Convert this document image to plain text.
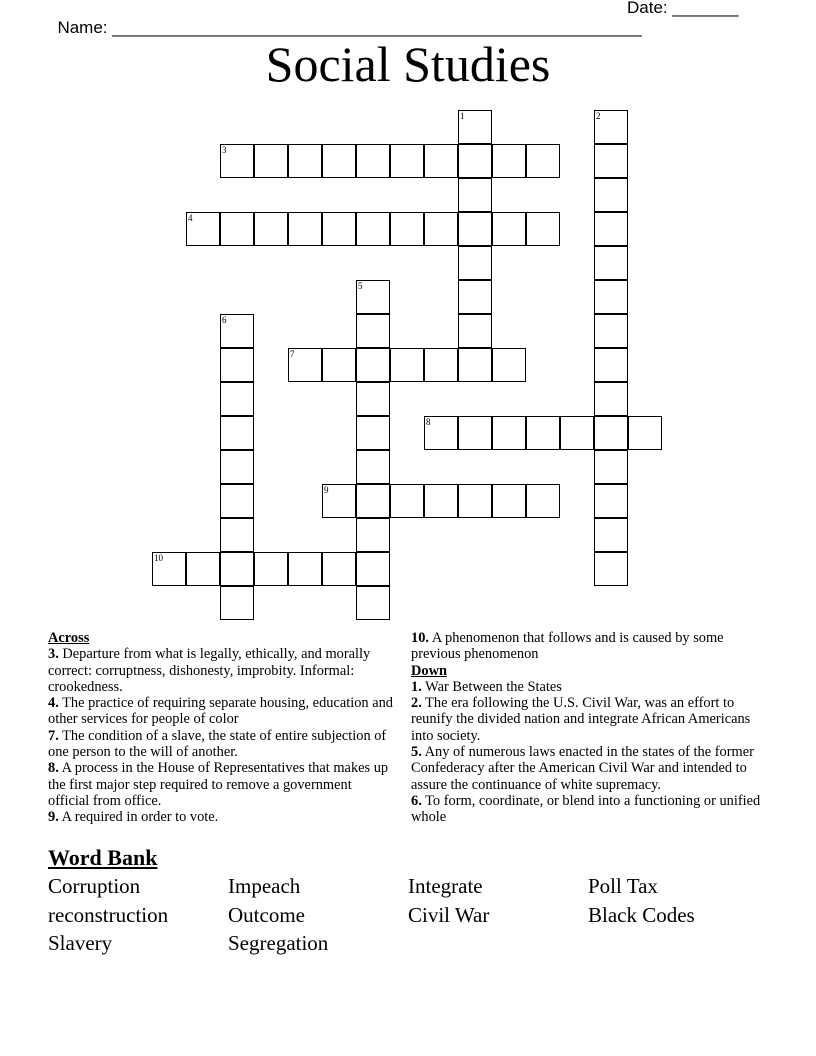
Name: ________________________________________________________

Date: _______

Social Studies
1	2
3
4
5
6
7
8
9
10
Across
3. Departure from what is legally, ethically, and morally correct: corruptness, dishonesty, improbity. Informal: crookedness.
4. The practice of requiring separate housing, education and other services for people of color
7. The condition of a slave, the state of entire subjection of one person to the will of another.
8. A process in the House of Representatives that makes up the first major step required to remove a government official from office.
9. A required in order to vote.
10. A phenomenon that follows and is caused by some previous phenomenon
Down
1. War Between the States
2. The era following the U.S. Civil War, was an effort to reunify the divided nation and integrate African Americans into society.
5. Any of numerous laws enacted in the states of the former Confederacy after the American Civil War and intended to assure the continuance of white supremacy.
6. To form, coordinate, or blend into a functioning or unified whole
Word Bank
Corruption	Impeach	Integrate	Poll Tax
reconstruction	Outcome	Civil War	Black Codes
Slavery	Segregation
